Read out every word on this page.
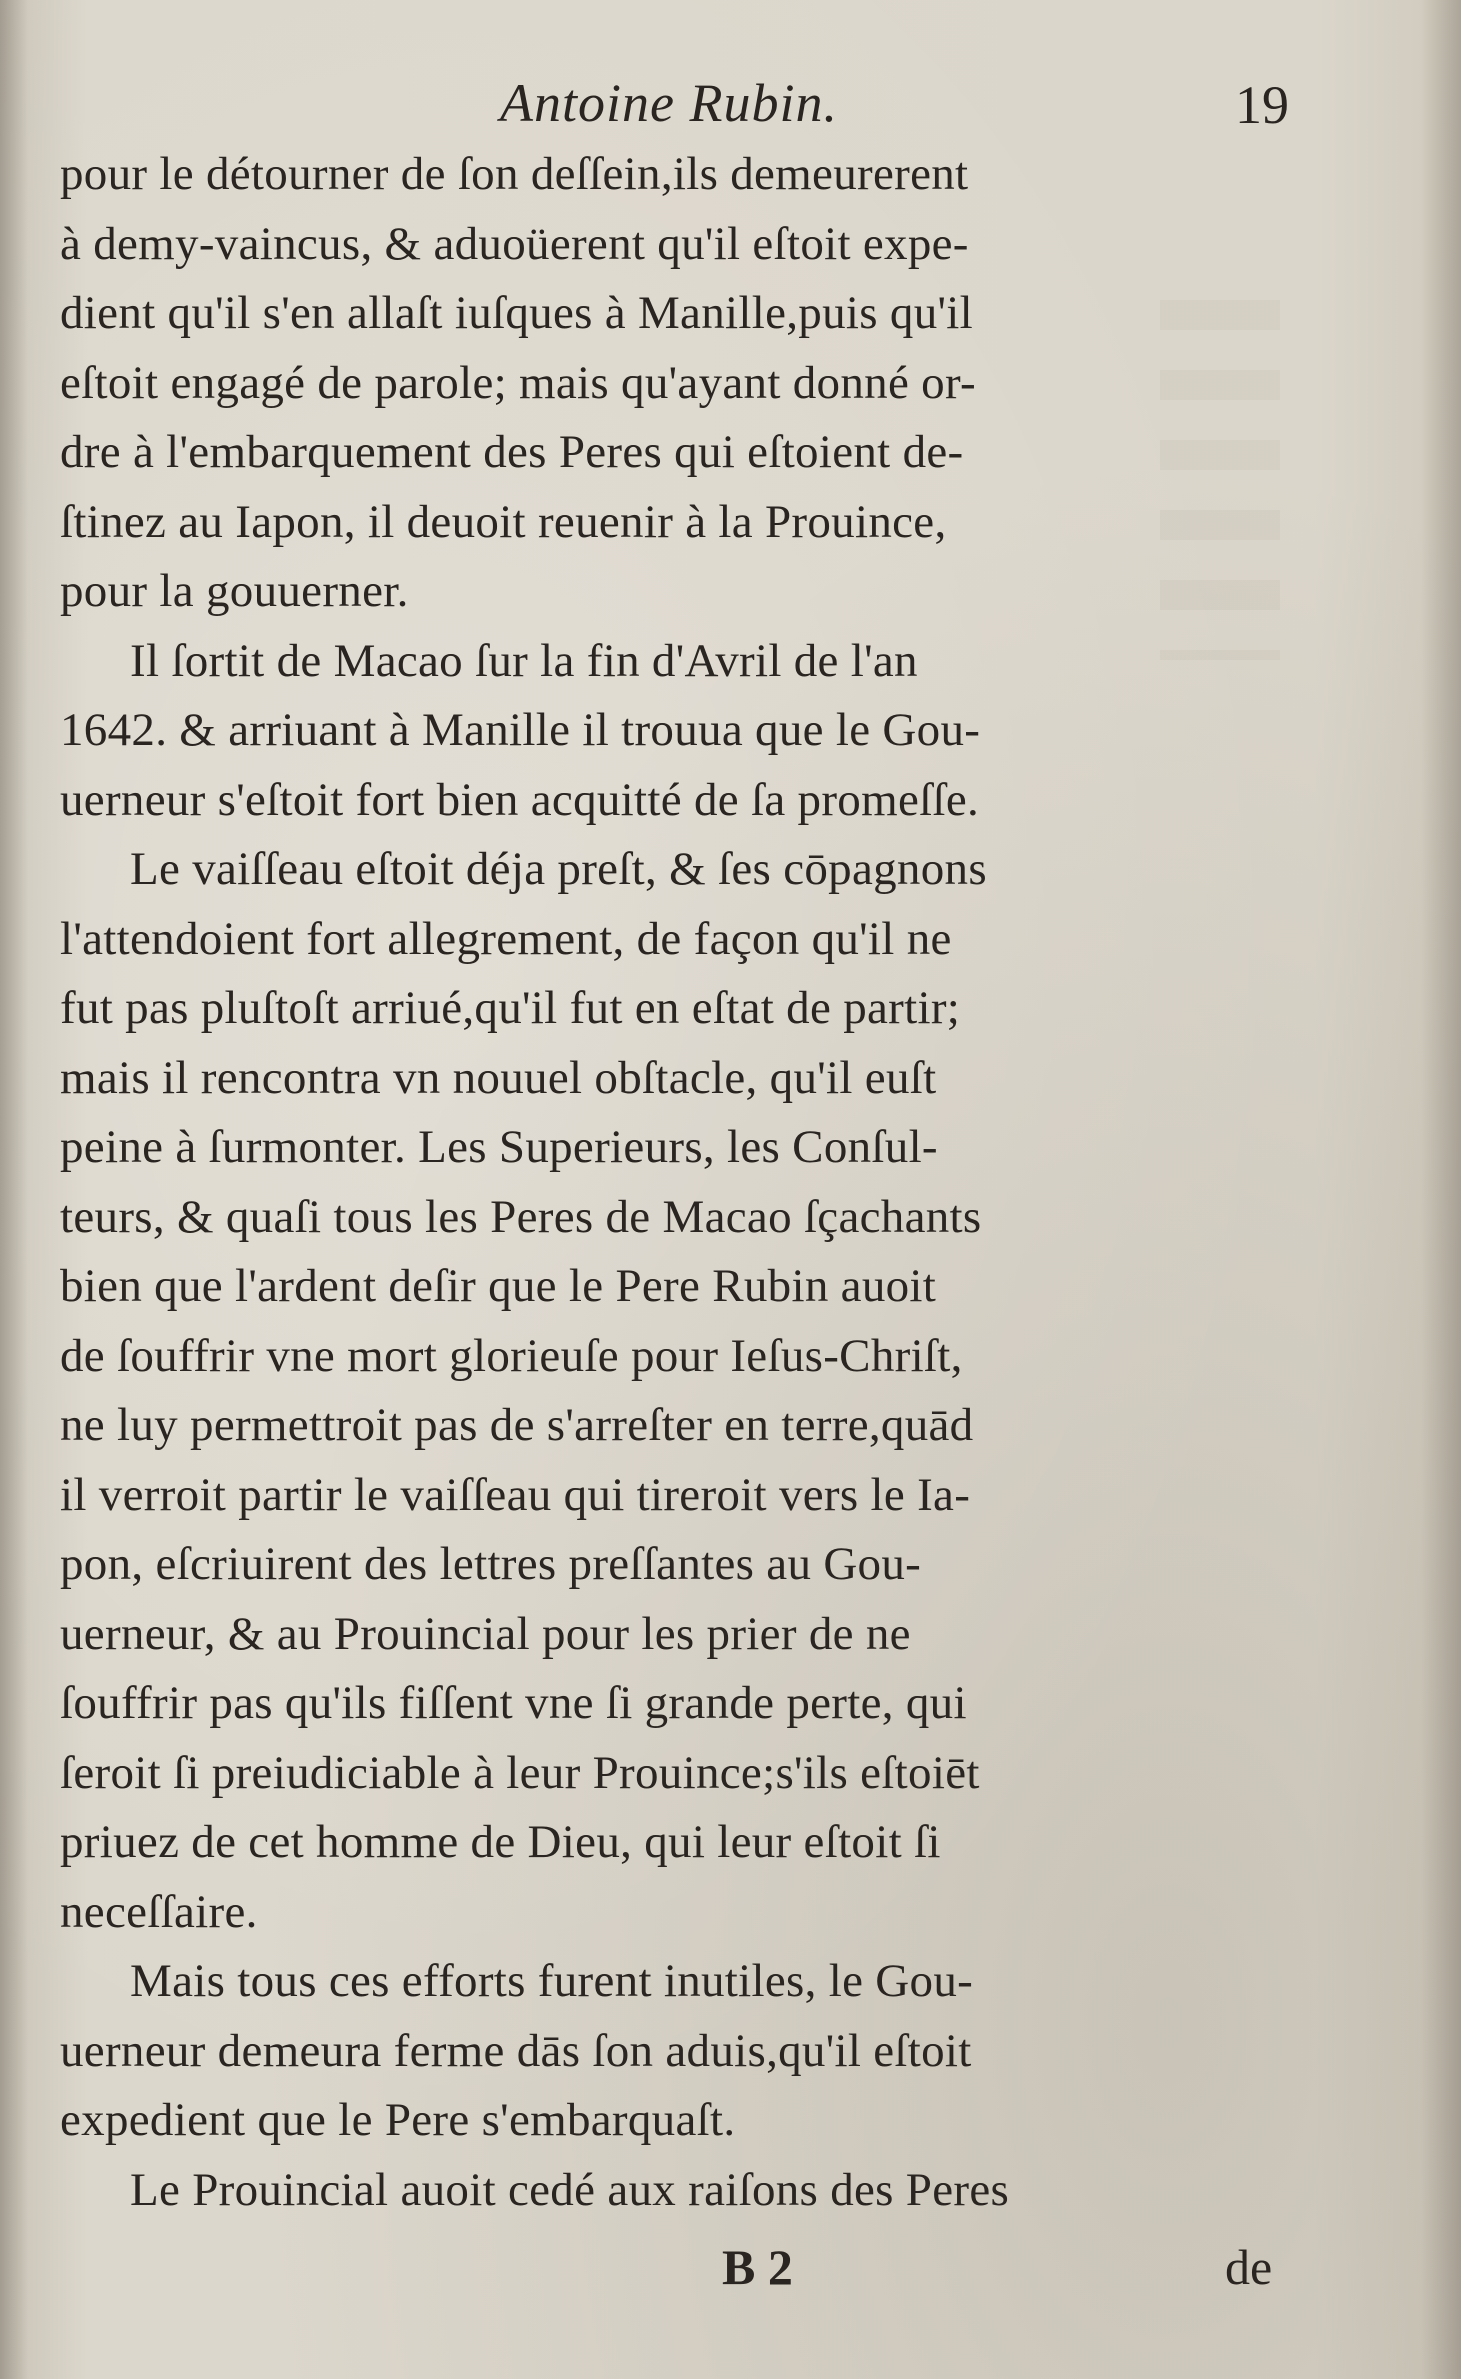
Antoine Rubin.	19
pour le détourner de ſon deſſein,ils demeurerent
à demy-vaincus, & aduoüerent qu'il eſtoit expe-
dient qu'il s'en allaſt iuſques à Manille,puis qu'il
eſtoit engagé de parole; mais qu'ayant donné or-
dre à l'embarquement des Peres qui eſtoient de-
ſtinez au Iapon, il deuoit reuenir à la Prouince,
pour la gouuerner.
Il ſortit de Macao ſur la fin d'Avril de l'an
1642. & arriuant à Manille il trouua que le Gou-
uerneur s'eſtoit fort bien acquitté de ſa promeſſe.
Le vaiſſeau eſtoit déja preſt, & ſes cōpagnons
l'attendoient fort allegrement, de façon qu'il ne
fut pas pluſtoſt arriué,qu'il fut en eſtat de partir;
mais il rencontra vn nouuel obſtacle, qu'il euſt
peine à ſurmonter. Les Superieurs, les Conſul-
teurs, & quaſi tous les Peres de Macao ſçachants
bien que l'ardent deſir que le Pere Rubin auoit
de ſouffrir vne mort glorieuſe pour Ieſus-Chriſt,
ne luy permettroit pas de s'arreſter en terre,quād
il verroit partir le vaiſſeau qui tireroit vers le Ia-
pon, eſcriuirent des lettres preſſantes au Gou-
uerneur, & au Prouincial pour les prier de ne
ſouffrir pas qu'ils fiſſent vne ſi grande perte, qui
ſeroit ſi preiudiciable à leur Prouince;s'ils eſtoiēt
priuez de cet homme de Dieu, qui leur eſtoit ſi
neceſſaire.
Mais tous ces efforts furent inutiles, le Gou-
uerneur demeura ferme dās ſon aduis,qu'il eſtoit
expedient que le Pere s'embarquaſt.
Le Prouincial auoit cedé aux raiſons des Peres
B 2	de
